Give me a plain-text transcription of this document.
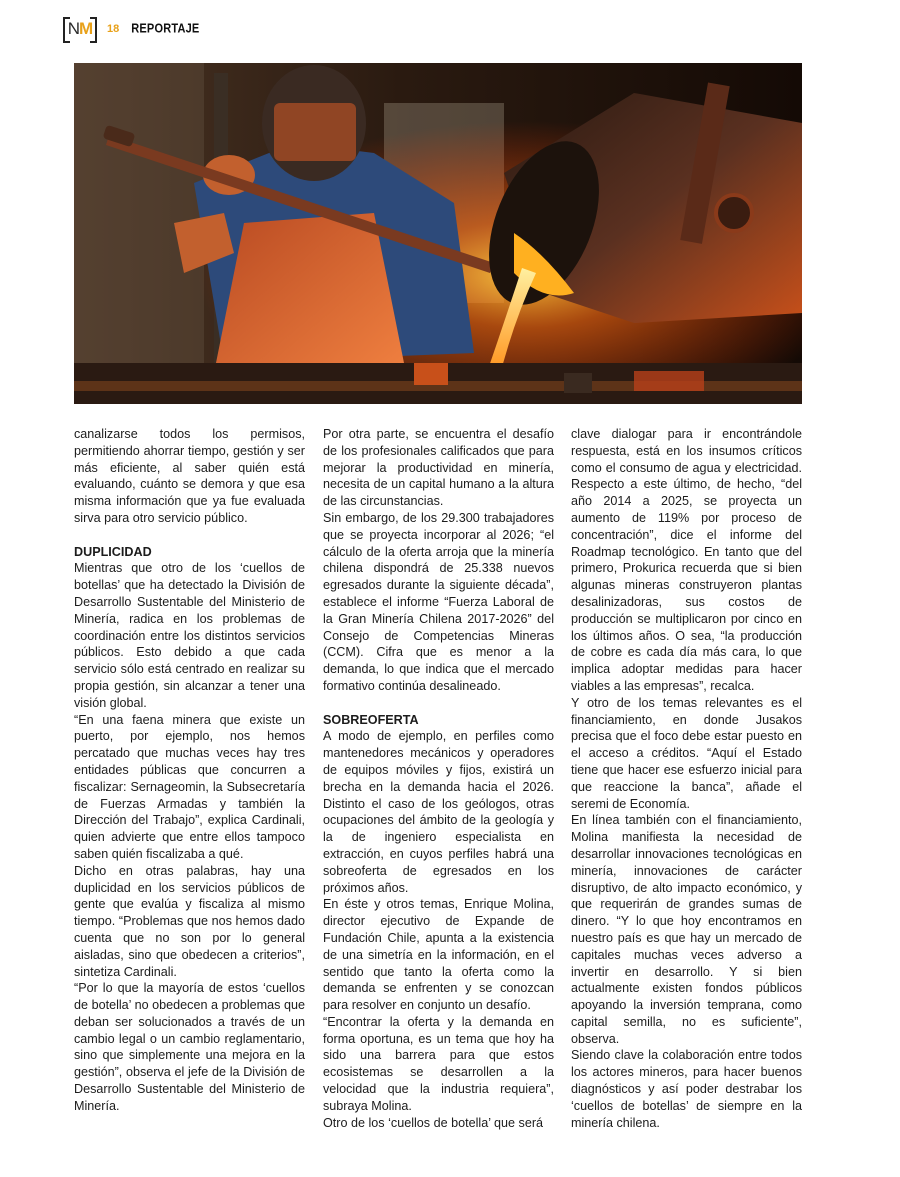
N M 18 REPORTAJE

canalizarse todos los permisos, permitiendo ahorrar tiempo, gestión y ser más eficiente, al saber quién está evaluando, cuánto se demora y que esa misma información que ya fue evaluada sirva para otro servicio público.

DUPLICIDAD

Mientras que otro de los ‘cuellos de botellas’ que ha detectado la División de Desarrollo Sustentable del Ministerio de Minería, radica en los problemas de coordinación entre los distintos servicios públicos. Esto debido a que cada servicio sólo está centrado en realizar su propia gestión, sin alcanzar a tener una visión global.

“En una faena minera que existe un puerto, por ejemplo, nos hemos percatado que muchas veces hay tres entidades públicas que concurren a fiscalizar: Sernageomin, la Subsecretaría de Fuerzas Armadas y también la Dirección del Trabajo”, explica Cardinali, quien advierte que entre ellos tampoco saben quién fiscalizaba a qué.

Dicho en otras palabras, hay una duplicidad en los servicios públicos de gente que evalúa y fiscaliza al mismo tiempo. “Problemas que nos hemos dado cuenta que no son por lo general aisladas, sino que obedecen a criterios”, sintetiza Cardinali.

“Por lo que la mayoría de estos ‘cuellos de botella’ no obedecen a problemas que deban ser solucionados a través de un cambio legal o un cambio reglamentario, sino que simplemente una mejora en la gestión”, observa el jefe de la División de Desarrollo Sustentable del Ministerio de Minería.

Por otra parte, se encuentra el desafío de los profesionales calificados que para mejorar la productividad en minería, necesita de un capital humano a la altura de las circunstancias.

Sin embargo, de los 29.300 trabajadores que se proyecta incorporar al 2026; “el cálculo de la oferta arroja que la minería chilena dispondrá de 25.338 nuevos egresados durante la siguiente década”, establece el informe “Fuerza Laboral de la Gran Minería Chilena 2017-2026” del Consejo de Competencias Mineras (CCM). Cifra que es menor a la demanda, lo que indica que el mercado formativo continúa desalineado.

SOBREOFERTA

A modo de ejemplo, en perfiles como mantenedores mecánicos y operadores de equipos móviles y fijos, existirá un brecha en la demanda hacia el 2026. Distinto el caso de los geólogos, otras ocupaciones del ámbito de la geología y la de ingeniero especialista en extracción, en cuyos perfiles habrá una sobreoferta de egresados en los próximos años.

En éste y otros temas, Enrique Molina, director ejecutivo de Expande de Fundación Chile, apunta a la existencia de una simetría en la información, en el sentido que tanto la oferta como la demanda se enfrenten y se conozcan para resolver en conjunto un desafío.

“Encontrar la oferta y la demanda en forma oportuna, es un tema que hoy ha sido una barrera para que estos ecosistemas se desarrollen a la velocidad que la industria requiera”, subraya Molina.

Otro de los ‘cuellos de botella’ que será

clave dialogar para ir encontrándole respuesta, está en los insumos críticos como el consumo de agua y electricidad. Respecto a este último, de hecho, “del año 2014 a 2025, se proyecta un aumento de 119% por proceso de concentración”, dice el informe del Roadmap tecnológico. En tanto que del primero, Prokurica recuerda que si bien algunas mineras construyeron plantas desalinizadoras, sus costos de producción se multiplicaron por cinco en los últimos años. O sea, “la producción de cobre es cada día más cara, lo que implica adoptar medidas para hacer viables a las empresas”, recalca.

Y otro de los temas relevantes es el financiamiento, en donde Jusakos precisa que el foco debe estar puesto en el acceso a créditos. “Aquí el Estado tiene que hacer ese esfuerzo inicial para que reaccione la banca”, añade el seremi de Economía.

En línea también con el financiamiento, Molina manifiesta la necesidad de desarrollar innovaciones tecnológicas en minería, innovaciones de carácter disruptivo, de alto impacto económico, y que requerirán de grandes sumas de dinero. “Y lo que hoy encontramos en nuestro país es que hay un mercado de capitales muchas veces adverso a invertir en desarrollo. Y si bien actualmente existen fondos públicos apoyando la inversión temprana, como capital semilla, no es suficiente”, observa.

Siendo clave la colaboración entre todos los actores mineros, para hacer buenos diagnósticos y así poder destrabar los ‘cuellos de botellas’ de siempre en la minería chilena.
